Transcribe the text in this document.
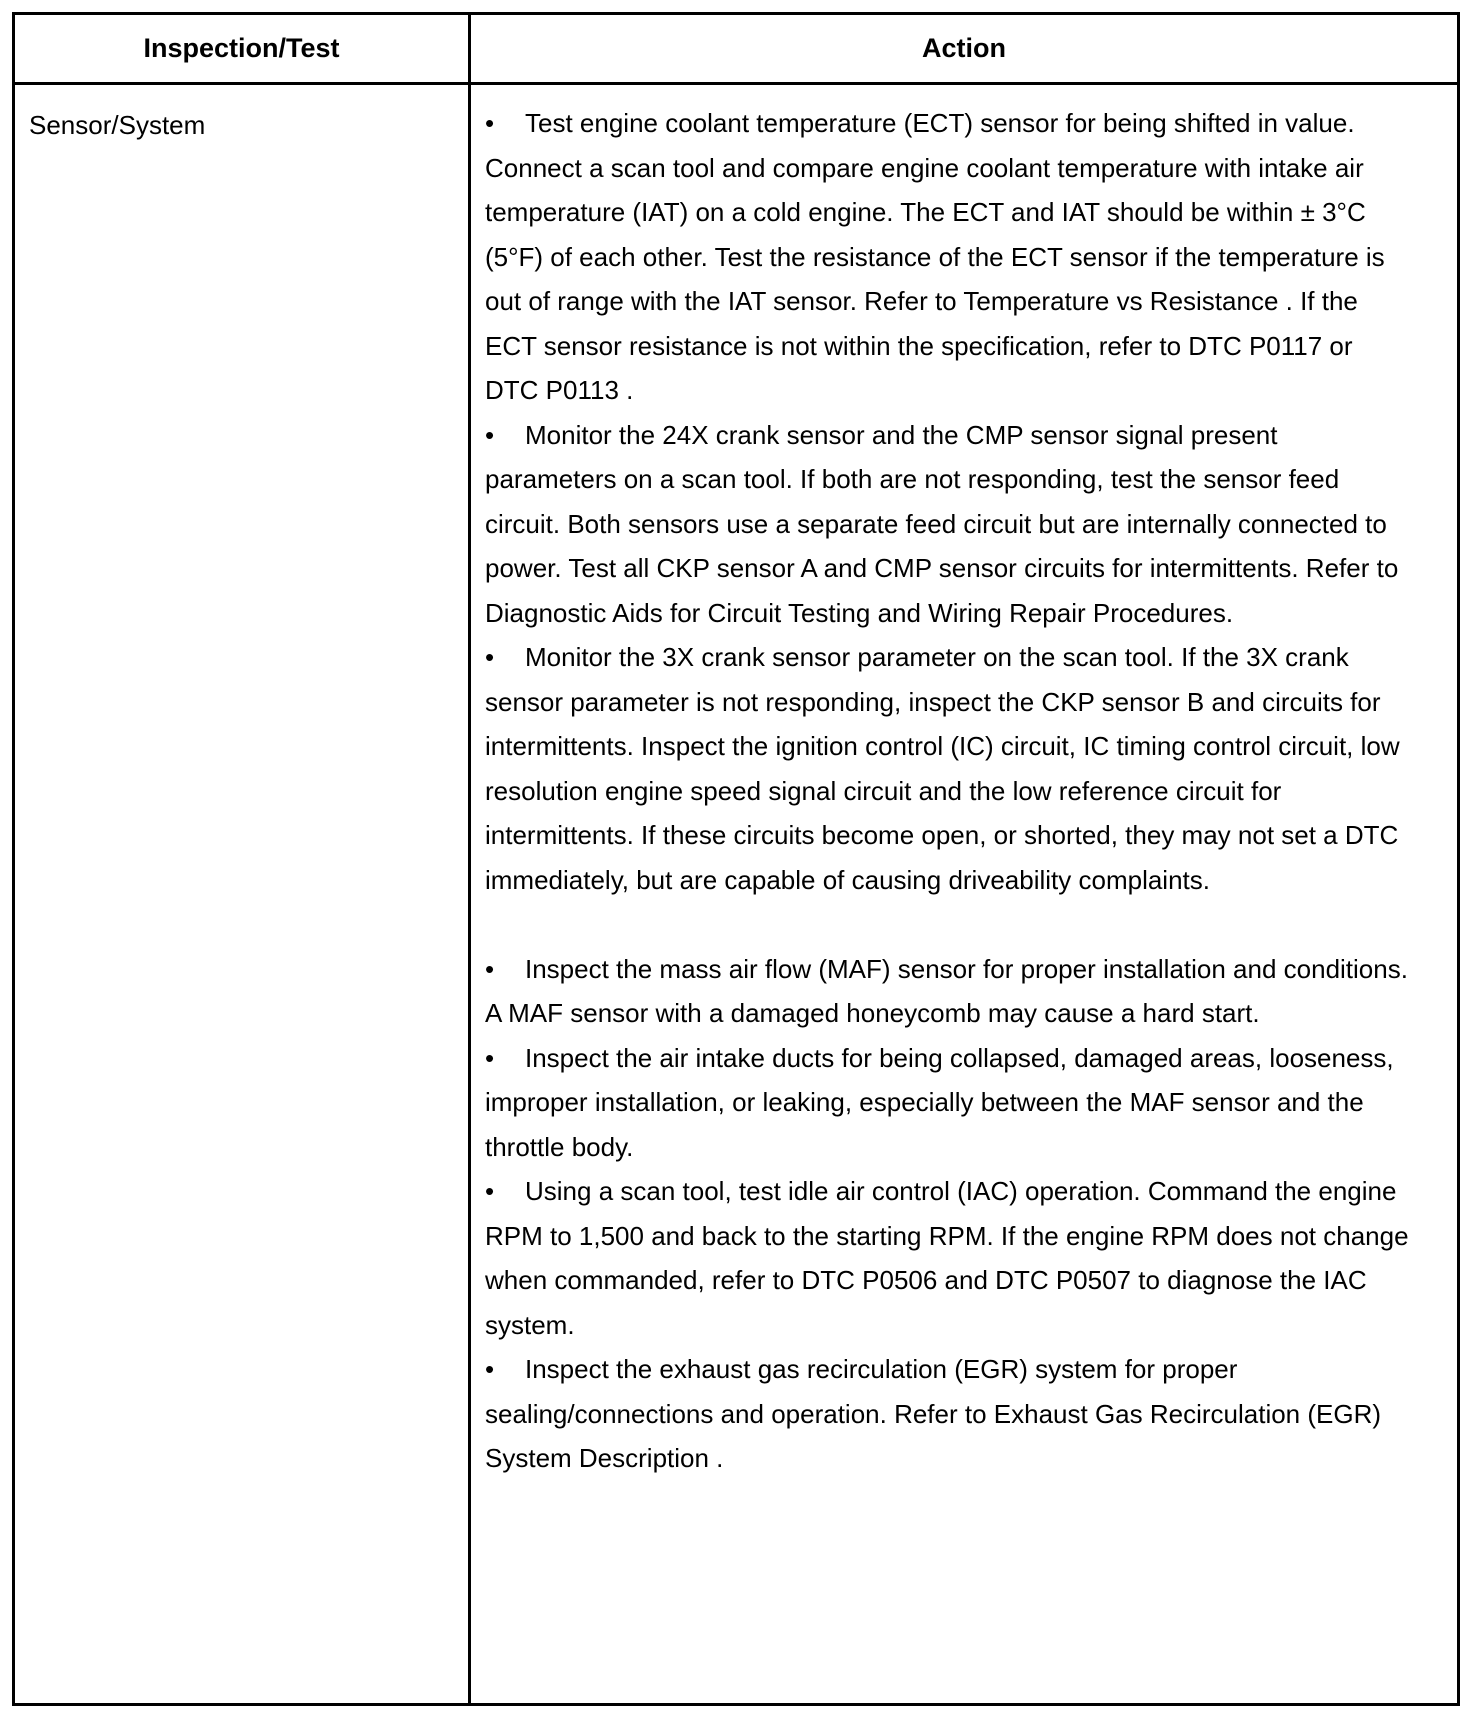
Inspection/Test	Action
Sensor/System	• Test engine coolant temperature (ECT) sensor for being shifted in value. Connect a scan tool and compare engine coolant temperature with intake air temperature (IAT) on a cold engine. The ECT and IAT should be within ± 3°C (5°F) of each other. Test the resistance of the ECT sensor if the temperature is out of range with the IAT sensor. Refer to Temperature vs Resistance . If the ECT sensor resistance is not within the specification, refer to DTC P0117 or DTC P0113 .

• Monitor the 24X crank sensor and the CMP sensor signal present parameters on a scan tool. If both are not responding, test the sensor feed circuit. Both sensors use a separate feed circuit but are internally connected to power. Test all CKP sensor A and CMP sensor circuits for intermittents. Refer to Diagnostic Aids for Circuit Testing and Wiring Repair Procedures.

• Monitor the 3X crank sensor parameter on the scan tool. If the 3X crank sensor parameter is not responding, inspect the CKP sensor B and circuits for intermittents. Inspect the ignition control (IC) circuit, IC timing control circuit, low resolution engine speed signal circuit and the low reference circuit for intermittents. If these circuits become open, or shorted, they may not set a DTC immediately, but are capable of causing driveability complaints.

• Inspect the mass air flow (MAF) sensor for proper installation and conditions. A MAF sensor with a damaged honeycomb may cause a hard start.

• Inspect the air intake ducts for being collapsed, damaged areas, looseness, improper installation, or leaking, especially between the MAF sensor and the throttle body.

• Using a scan tool, test idle air control (IAC) operation. Command the engine RPM to 1,500 and back to the starting RPM. If the engine RPM does not change when commanded, refer to DTC P0506 and DTC P0507 to diagnose the IAC system.

• Inspect the exhaust gas recirculation (EGR) system for proper sealing/connections and operation. Refer to Exhaust Gas Recirculation (EGR) System Description .
